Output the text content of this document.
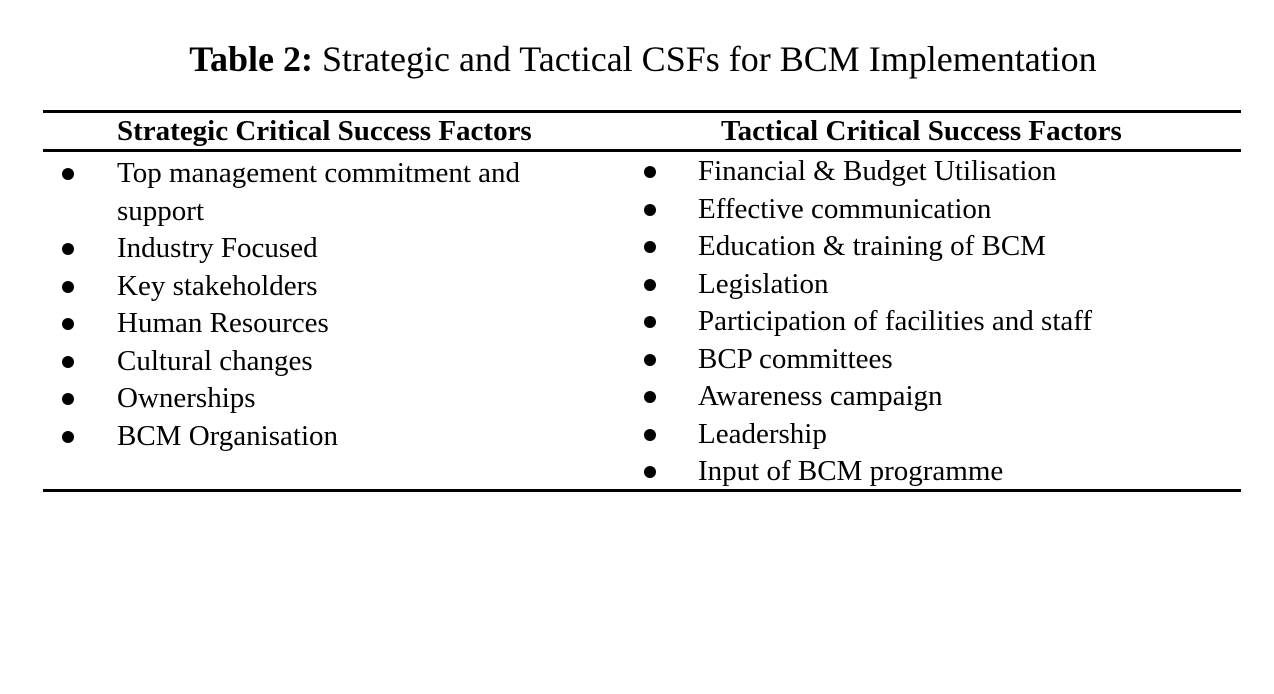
Table 2: Strategic and Tactical CSFs for BCM Implementation
Strategic Critical Success Factors	Tactical Critical Success Factors
Top management commitment and support
Industry Focused
Key stakeholders
Human Resources
Cultural changes
Ownerships
BCM Organisation
Financial & Budget Utilisation
Effective communication
Education & training of BCM
Legislation
Participation of facilities and staff
BCP committees
Awareness campaign
Leadership
Input of BCM programme
